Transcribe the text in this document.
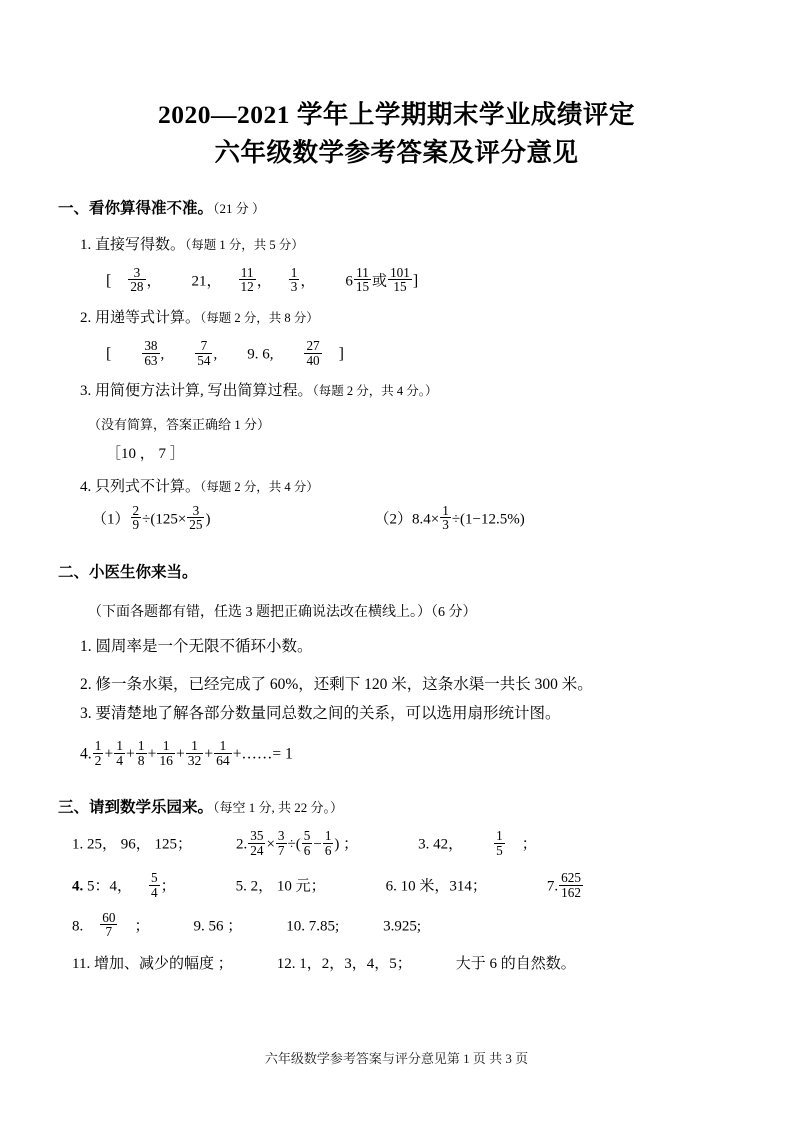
2020—2021 学年上学期期末学业成绩评定
六年级数学参考答案及评分意见
一、看你算得准不准。（21 分 ）
1. 直接写得数。（每题 1 分，共 5 分）
[ $\frac{3}{28}$ ， 21， $\frac{11}{12}$ ， $\frac{1}{3}$ ， $6 \frac{11}{15}$ 或 $\frac{101}{15}$ ]
2. 用递等式计算。（每题 2 分，共 8 分）
[ $\frac{38}{63}$ , $\frac{7}{54}$ , 9. 6, $\frac{27}{40}$ ]
3. 用简便方法计算, 写出简算过程。（每题 2 分，共 4 分。）
（没有简算，答案正确给 1 分）
［10 ， 7 ］
4. 只列式不计算。（每题 2 分，共 4 分）
$(1) \frac{2}{9} \div(125\times \frac{3}{25}$ )	$(2)8.4\times \frac{1}{3} \div(1-12.5\%)$
二、小医生你来当。
（下面各题都有错，任选 3 题把正确说法改在横线上。）（6 分）
1. 圆周率是一个无限不循环小数。
2. 修一条水渠，已经完成了 60%，还剩下 120 米，这条水渠一共长 300 米。
3. 要清楚地了解各部分数量同总数之间的关系，可以选用扇形统计图。
4. $\frac{1}{2} + \frac{1}{4} + \frac{1}{8} + \frac{1}{16} + \frac{1}{32} + \frac{1}{64}$ +……= 1
三、请到数学乐园来。（每空 1 分, 共 22 分。）
1. 25， 96， 125；	2. $\frac{35}{24} \times \frac{3}{7}$ ÷( $\frac{5}{6} - \frac{1}{6}$ ) ；	3. 42， $\frac{1}{5}$ ；
4. 5：4， $\frac{5}{4}$ ；	5. 2， 10 元；	6. 10 米，314；	7. $\frac{625}{162}$
8. $\frac{60}{7}$ ；	9. 56 ；	10. 7.85;	3.925;
11. 增加、减少的幅度 ；	12. 1，2，3，4，5；	大于 6 的自然数。
六年级数学参考答案与评分意见第 1 页 共 3 页
